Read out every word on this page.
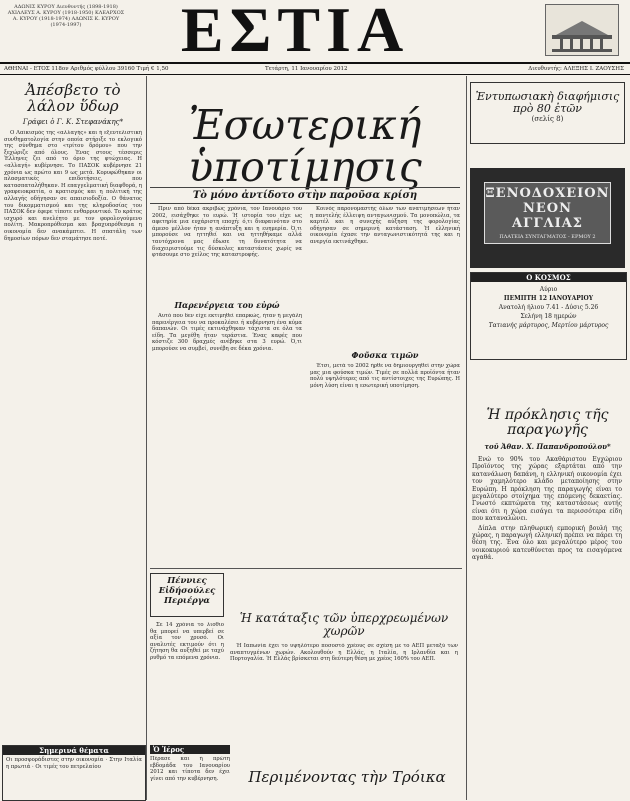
ΑΔΩΝΙΣ ΚΥΡΟΥ Διευθυντής (1898-1918) ΑΧΙΛΛΕΥΣ Α. ΚΥΡΟΥ (1918-1950) ΚΛΕΑΡΧΟΣ Α. ΚΥΡΟΥ (1918-1974) ΑΔΩΝΙΣ Κ. ΚΥΡΟΥ (1974-1997)	ΕΣΤΙΑ
ΑΘΗΝΑΙ - ΕΤΟΣ 118ον Αριθμός φύλλου 39160 Τιμή € 1,50	Τετάρτη, 11 Ιανουαρίου 2012	Διευθυντής: ΑΛΕΞΗΣ Ι. ΖΑΟΥΣΗΣ
Ἀπέσβετο τὸ λάλον ὕδωρ
Γράφει ὁ Γ. Κ. Στεφανάκης*

Ο Λαϊκισμός της «αλλαγής» και ή εξευτελιστική συνθηματολογία στην οποία στήριξε το εκλογικό της σύνθημα στο «τρίτου δρόμου» που την ξεχώριζε από όλους. Ένας στους τέσσερις Έλληνες ζει από το όριο της φτώχειας. Η «αλλαγή» κυβέρνησε. Το ΠΑΣΟΚ κυβέρνησε 21 χρόνια ως πρώτο και 9 ως μετά. Κορυφώθηκαν οι πλασματικές επιδοτήσεις, που κατασπαταλήθηκαν. Η επαγγελματική διαφθορά, η γραφειοκρατία, ο κρατισμός και η πολιτική της αλλαγής οδήγησαν σε απαισιοδοξία. Ο θάνατος του δικομματισμού και της κληροδοσίας του ΠΑΣΟΚ δεν έφερε τίποτε ενθαρρυντικό. Το κράτος ισχυρό και ανελέητο με τον φορολογούμενο πολίτη. Μακροπρόθεσμα και βραχυπρόθεσμα η οικονομία δεν ανακάμπτει. Η σπατάλη των δημοσίων πόρων δεν σταμάτησε ποτέ.

Ἐσωτερική ὑποτίμησις
Τὸ μόνο ἀντίδοτο στὴν παροῦσα κρίση

Πριν από δέκα ακριβώς χρόνια, τον Ιανουάριο του 2002, εισάχθηκε το ευρώ. Ή ιστορία του είχε ως αφετηρία μια ευχάριστη εποχή: ό,τι διαφαινόταν στο άμεσο μέλλον ήταν η ανάπτυξη και η ευημερία. Ό,τι μπορούσε να ηττηθεί και να ηττηθήκαμε αλλά ταυτόχρονα μας έδωσε τη δυνατότητα να διαχειριστούμε τις δύσκολες καταστάσεις χωρίς να φτάσουμε στο χείλος της καταστροφής.

Παρενέργεια του εὐρώ

Αυτό που δεν είχε εκτιμηθεί επαρκώς, ήταν ή μεγάλη παρενέργεια του να προκαλέσει ή κυβέρνηση ένα κύμα δαπανών. Οι τιμές εκτινάχθηκαν τάχιστα σε όλα τα είδη. Τα μεγέθη ήταν τεράστια. Ένας καφές που κόστιζε 300 δραχμές ανέβηκε στα 3 ευρώ. Ό,τι μπορούσε να συμβεί, συνέβη σε δέκα χρόνια.

Κοινός παρονομαστής όλων των ανατιμήσεων ήταν η παντελής έλλειψη ανταγωνισμού. Τα μονοπώλια, τα καρτέλ και η συνεχής αύξηση της φορολογίας οδήγησαν σε σημερινή κατάσταση. Ή ελληνική οικονομία έχασε την ανταγωνιστικότητά της και η ανεργία εκτινάχθηκε.

Φοῦσκα τιμῶν

Έτσι, μετά το 2002 ήρθε να δημιουργηθεί στην χώρα μας μια φούσκα τιμών. Τιμές σε πολλά προϊόντα ήταν πολύ υψηλότερες από τις αντίστοιχες της Ευρώπης. Η μόνη λύση είναι η εσωτερική υποτίμηση.

Ἐντυπωσιακὴ διαφήμισις πρὸ 80 ἐτῶν
(σελίς 8)
ΞΕΝΟΔΟΧΕΙΟΝ
ΝΕΟΝ ΑΓΓΛΙΑΣ
ΠΛΑΤΕΙΑ ΣΥΝΤΑΓΜΑΤΟΣ - ΕΡΜΟΥ 2
Ο ΚΟΣΜΟΣ
Αύριο
ΠΕΜΠΤΗ 12 ΙΑΝΟΥΑΡΙΟΥ
Ανατολή ήλιου 7.41 - Δύσις 5.26
Σελήνη 18 ημερών
Τατιανής μάρτυρος, Μερτίου μάρτυρος
Ἡ πρόκλησις τῆς παραγωγῆς
τοῦ Ἀθαν. Χ. Παπανδροπούλου*

Ενώ το 90% του Ακαθάριστου Εγχώριου Προϊόντος της χώρας εξαρτάται από την κατανάλωση δαπάνη, η ελληνική οικονομία έχει τον χαμηλότερο κλάδο μεταποίησης στην Ευρώπη. Η πρόκληση της παραγωγής είναι το μεγαλύτερο στοίχημα της επόμενης δεκαετίας. Γνωστό εκπτώματα της καταστάσεως αυτής είναι ότι η χώρα εισάγει τα περισσότερα είδη που καταναλώνει.

Δίπλα στην πληθωρική εμπορική βουλή της χώρας, η παραγωγή ελληνική πρέπει να πάρει τη θέση της. Ένα όλο και μεγαλύτερο μέρος του νοικοκυριού κατευθύνεται προς τα εισαγόμενα αγαθά.

Πέννιες Εἰδήσούλες Περιέργα

Σε 14 χρόνια το λιοθιο θα μπορεί να υπερβεί σε αξία τον χρυσό. Οι αναλυτές εκτιμούν ότι η ζήτηση θα αυξηθεί με ταχύ ρυθμό τα επόμενα χρόνια.

Ἡ κατάταξις τῶν ὑπερχρεωμένων χωρῶν

Ή Ιαπωνία έχει το υψηλότερο ποσοστό χρέους σε σχέση με το ΑΕΠ μεταξύ των αναπτυγμένων χωρών. Ακολουθούν η Ελλάς, η Ιταλία, η Ιρλανδία και η Πορτογαλία. Ή Ελλάς βρίσκεται στη δεύτερη θέση με χρέος 160% του ΑΕΠ.

Σημερινά θέματα
Οι προσφοράδιστες στην οικονομία · Στην Ιταλία η πρωτιά · Οι τιμές του πετρελαίου
Ὁ Ἱέρος
Πέρασε και ή πρώτη εβδομάδα του Ιανουαρίου 2012 και τίποτα δεν έχει γίνει από την κυβέρνηση.	Περιμένοντας τὴν Τρόικα
